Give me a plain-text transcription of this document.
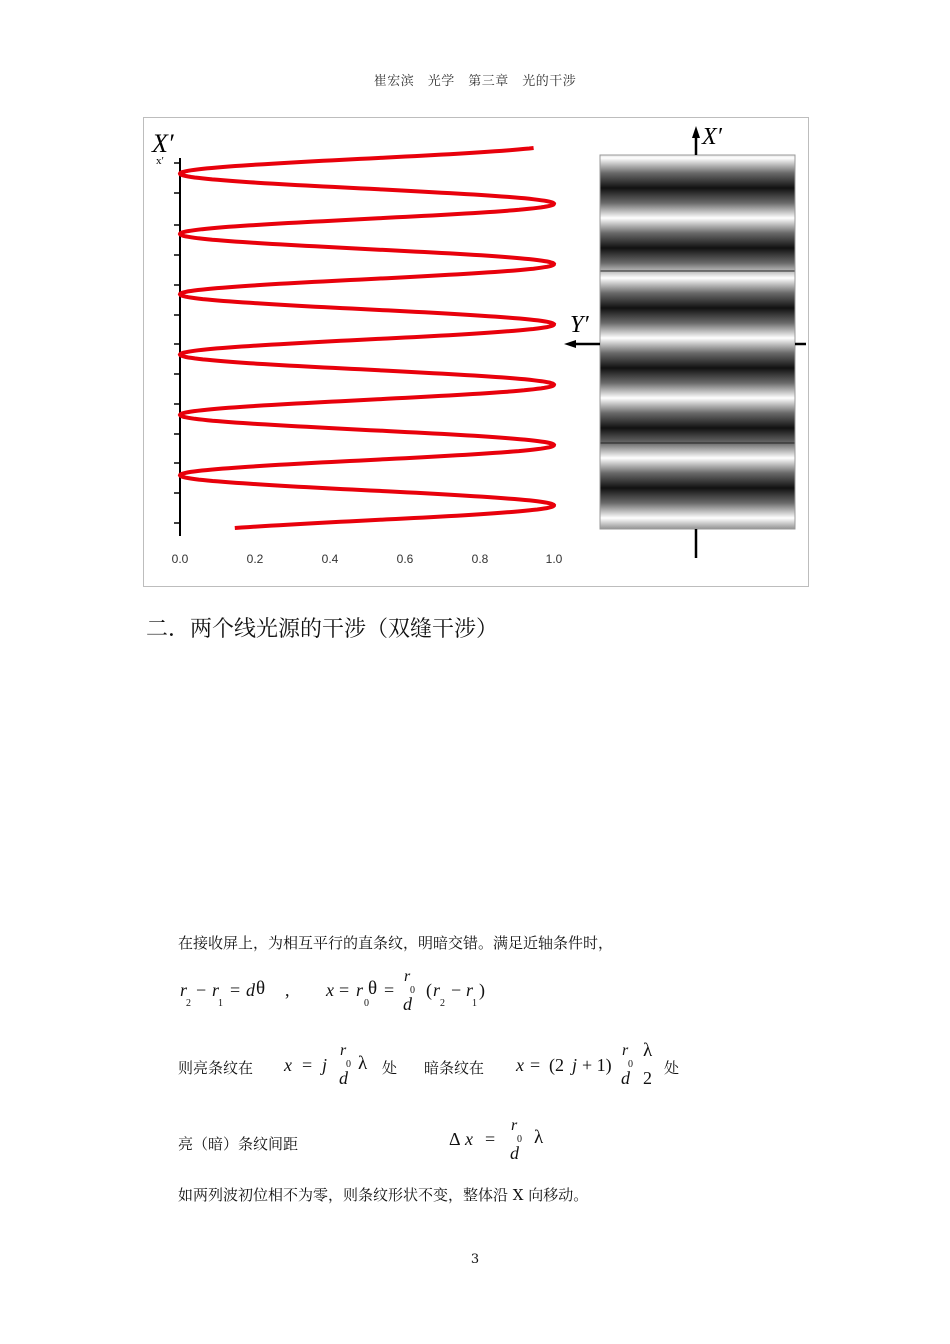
崔宏滨　光学　第三章　光的干涉
X′
x′
0.0	0.2	0.4	0.6	0.8	1.0
X′
Y′
二．两个线光源的干涉（双缝干涉）
在接收屏上，为相互平行的直条纹，明暗交错。满足近轴条件时，
r
2
− r
1
= d θ , x = r θ
0
=
r
0
d
( r
2
− r
1
)
则亮条纹在 x = j
r
0
d
λ 处 暗条纹在 x = (2 j + 1)
r
0
d
λ
2 处
亮（暗）条纹间距	Δ x =
r
0
d
λ
如两列波初位相不为零，则条纹形状不变，整体沿 X 向移动。
3
